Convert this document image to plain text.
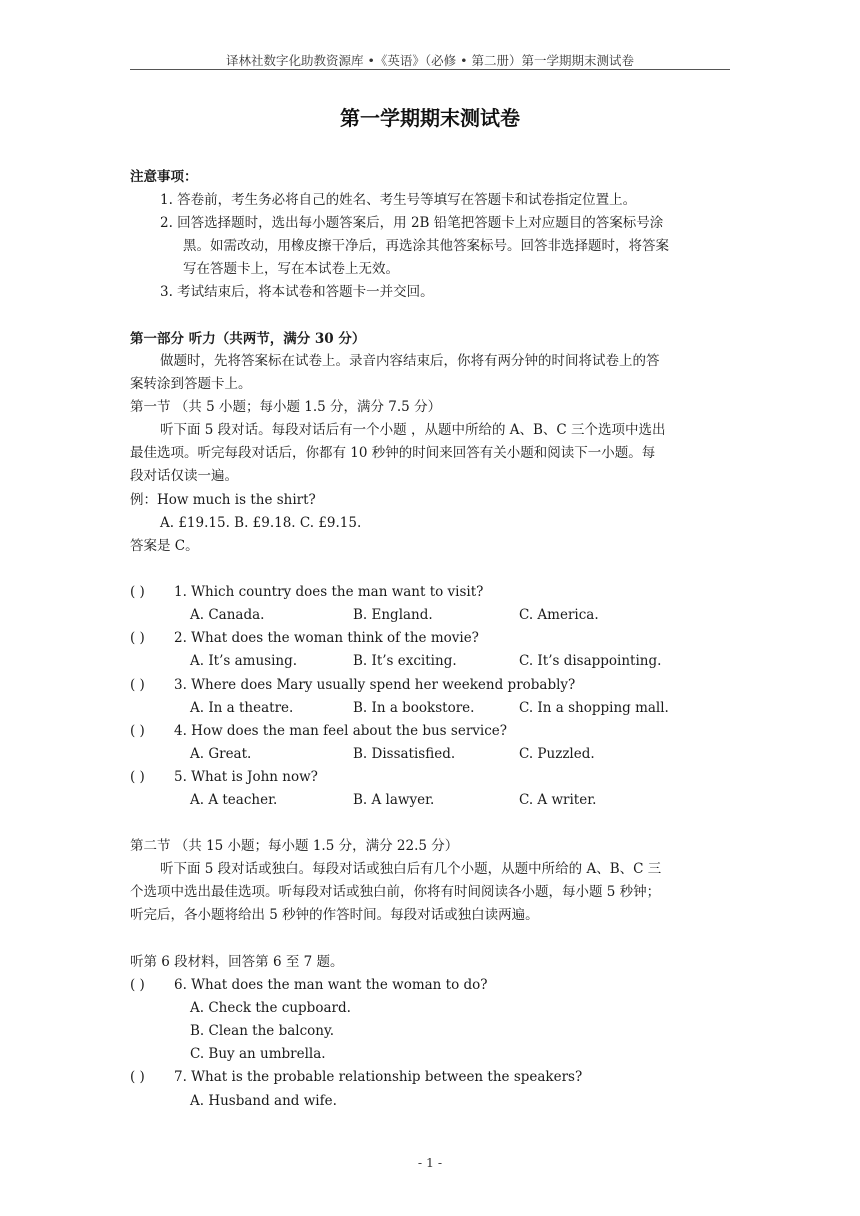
译林社数字化助教资源库 •《英语》（必修 • 第二册）第一学期期末测试卷
第一学期期末测试卷
注意事项：
1. 答卷前，考生务必将自己的姓名、考生号等填写在答题卡和试卷指定位置上。
2. 回答选择题时，选出每小题答案后，用 2B 铅笔把答题卡上对应题目的答案标号涂
黑。如需改动，用橡皮擦干净后，再选涂其他答案标号。回答非选择题时，将答案
写在答题卡上，写在本试卷上无效。
3. 考试结束后，将本试卷和答题卡一并交回。
第一部分 听力（共两节，满分 30 分）
做题时，先将答案标在试卷上。录音内容结束后，你将有两分钟的时间将试卷上的答
案转涂到答题卡上。
第一节 （共 5 小题；每小题 1.5 分，满分 7.5 分）
听下面 5 段对话。每段对话后有一个小题 ，从题中所给的 A、B、C 三个选项中选出
最佳选项。听完每段对话后，你都有 10 秒钟的时间来回答有关小题和阅读下一小题。每
段对话仅读一遍。
例：How much is the shirt?
A. £19.15. B. £9.18. C. £9.15.
答案是 C。
( ) 1. Which country does the man want to visit?
A. Canada.	B. England.	C. America.
( ) 2. What does the woman think of the movie?
A. It’s amusing.	B. It’s exciting.	C. It’s disappointing.
( ) 3. Where does Mary usually spend her weekend probably?
A. In a theatre.	B. In a bookstore.	C. In a shopping mall.
( ) 4. How does the man feel about the bus service?
A. Great.	B. Dissatisfied.	C. Puzzled.
( ) 5. What is John now?
A. A teacher.	B. A lawyer.	C. A writer.
第二节 （共 15 小题；每小题 1.5 分，满分 22.5 分）
听下面 5 段对话或独白。每段对话或独白后有几个小题，从题中所给的 A、B、C 三
个选项中选出最佳选项。听每段对话或独白前，你将有时间阅读各小题，每小题 5 秒钟；
听完后，各小题将给出 5 秒钟的作答时间。每段对话或独白读两遍。
听第 6 段材料，回答第 6 至 7 题。
( ) 6. What does the man want the woman to do?
A. Check the cupboard.
B. Clean the balcony.
C. Buy an umbrella.
( ) 7. What is the probable relationship between the speakers?
A. Husband and wife.
- 1 -
